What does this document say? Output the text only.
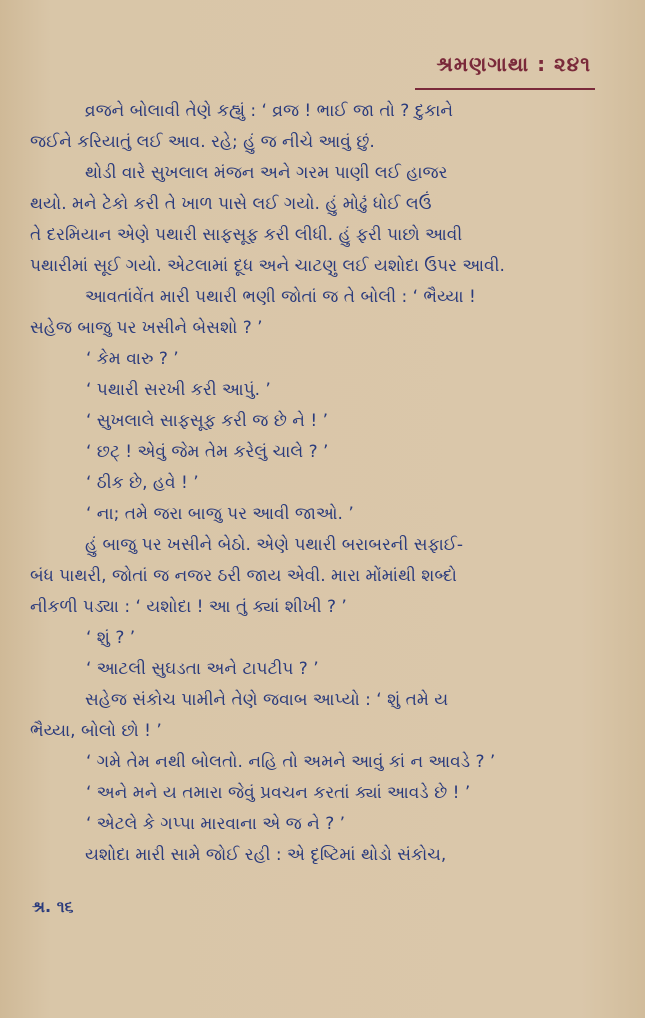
શ્રમણગાથા : ૨૪૧
વ્રજને બોલાવી તેણે કહ્યું : ‘ વ્રજ ! ભાઈ જા તો ? દુકાને
જઈને કરિયાતું લઈ આવ. રહે; હું જ નીચે આવું છું.
થોડી વારે સુખલાલ મંજન અને ગરમ પાણી લઈ હાજર
થયો. મને ટેકો કરી તે ખાળ પાસે લઈ ગયો. હું મોઢું ધોઈ લઉં
તે દરમિયાન એણે પથારી સાફસૂફ કરી લીધી. હું ફરી પાછો આવી
પથારીમાં સૂઈ ગયો. એટલામાં દૂધ અને ચાટણુ લઈ યશોદા ઉપર આવી.
આવતાંવેંત મારી પથારી ભણી જોતાં જ તે બોલી : ‘ ભૈય્યા !
સહેજ બાજુ પર ખસીને બેસશો ? ’
‘ કેમ વારુ ? ’
‘ પથારી સરખી કરી આપું. ’
‘ સુખલાલે સાફસૂફ કરી જ છે ને ! ’
‘ છટ્ ! એવું જેમ તેમ કરેલું ચાલે ? ’
‘ ઠીક છે, હવે ! ’
‘ ના; તમે જરા બાજુ પર આવી જાઓ. ’
હું બાજુ પર ખસીને બેઠો. એણે પથારી બરાબરની સફાઈ-
બંધ પાથરી, જોતાં જ નજર ઠરી જાય એવી. મારા મોંમાંથી શબ્દો
નીકળી પડ્યા : ‘ યશોદા ! આ તું ક્યાં શીખી ? ’
‘ શું ? ’
‘ આટલી સુઘડતા અને ટાપટીપ ? ’
સહેજ સંકોચ પામીને તેણે જવાબ આપ્યો : ‘ શું તમે ય
ભૈય્યા, બોલો છો ! ’
‘ ગમે તેમ નથી બોલતો. નહિ તો અમને આવું કાં ન આવડે ? ’
‘ અને મને ય તમારા જેવું પ્રવચન કરતાં ક્યાં આવડે છે ! ’
‘ એટલે કે ગપ્પા મારવાના એ જ ને ? ’
યશોદા મારી સામે જોઈ રહી : એ દૃષ્ટિમાં થોડો સંકોચ,
શ્ર. ૧૬
